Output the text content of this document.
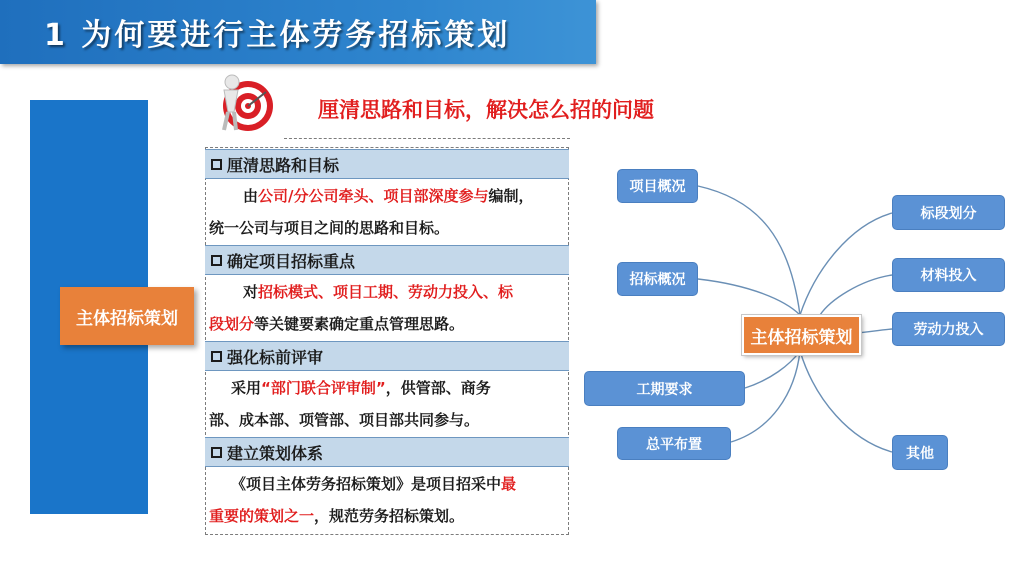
1 为何要进行主体劳务招标策划
主体招标策划
厘清思路和目标，解决怎么招的问题
厘清思路和目标
由公司/分公司牵头、项目部深度参与编制，
统一公司与项目之间的思路和目标。
确定项目招标重点
对招标模式、项目工期、劳动力投入、标
段划分等关键要素确定重点管理思路。
强化标前评审
采用“部门联合评审制”，供管部、商务
部、成本部、项管部、项目部共同参与。
建立策划体系
《项目主体劳务招标策划》是项目招采中最
重要的策划之一，规范劳务招标策划。
项目概况
招标概况
工期要求
总平布置
主体招标策划
标段划分
材料投入
劳动力投入
其他
